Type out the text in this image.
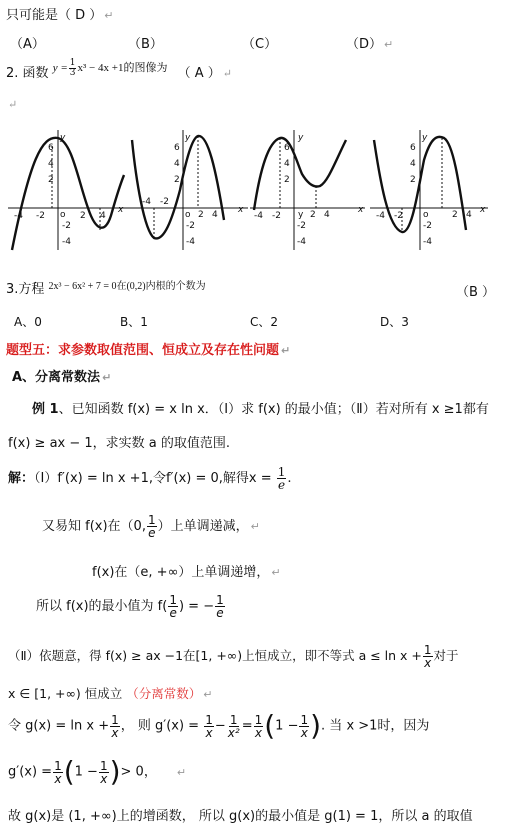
只可能是（ D ） ↵
（A）	（B）	（C）	（D） ↵
2. 函数 $^{y =} \frac{1}{3} ^{x^3 - 4x +1的图像为}$ （ A ） ↵
↵
y
x
6
4
2
-2
-4
-4 -2 o 2 4
y
x
6
4
2
-2
-4
-4 -2
o 2 4
y
x
6
4
2
-2
-4
-4 -2 y 2 4
y
x
6
4
2
-2
-4
-4 -2 o	2 4
3.方程 $^{2x^3 - 6x^2 + 7 = 0在(0,2)内根的个数为}$	（B ）
A、0	B、1	C、2	D、3
题型五：求参数取值范围、恒成立及存在性问题 ↵
A、分离常数法 ↵
例 1、已知函数 f(x) = x ln x．（Ⅰ）求 f(x) 的最小值；（Ⅱ）若对所有 x ≥1都有
f(x) ≥ ax − 1，求实数 a 的取值范围.
解：（Ⅰ）f′(x) = ln x +1,令f′(x) = 0,解得$x = \frac{1}{e}$ .
又易知 f(x)在（0, $\frac{1}{e}$ ）上单调递减， ↵
f(x)在（e, +∞）上单调递增， ↵
所以 f(x)的最小值为 $f( \frac{1}{e}$ ) = − $\frac{1}{e}$
（Ⅱ）依题意，得 f(x) ≥ ax −1在[1, +∞)上恒成立，即不等式 $a \le \ln x + \frac{1}{x}$ 对于
x ∈ [1, +∞) 恒成立 （分离常数） ↵
令 $g(x) = \ln x + \frac{1}{x}$ ， 则 $g'(x) = \frac{1}{x} - \frac{1}{\text{x²}} = \frac{1}{x} (1 - \frac{1}{x}$ ). 当 x >1时，因为
$g'(x) = \frac{1}{x} (1 - \frac{1}{x}$ )> 0， ↵
故 g(x)是 (1, +∞)上的增函数， 所以 g(x)的最小值是 g(1) = 1，所以 a 的取值
